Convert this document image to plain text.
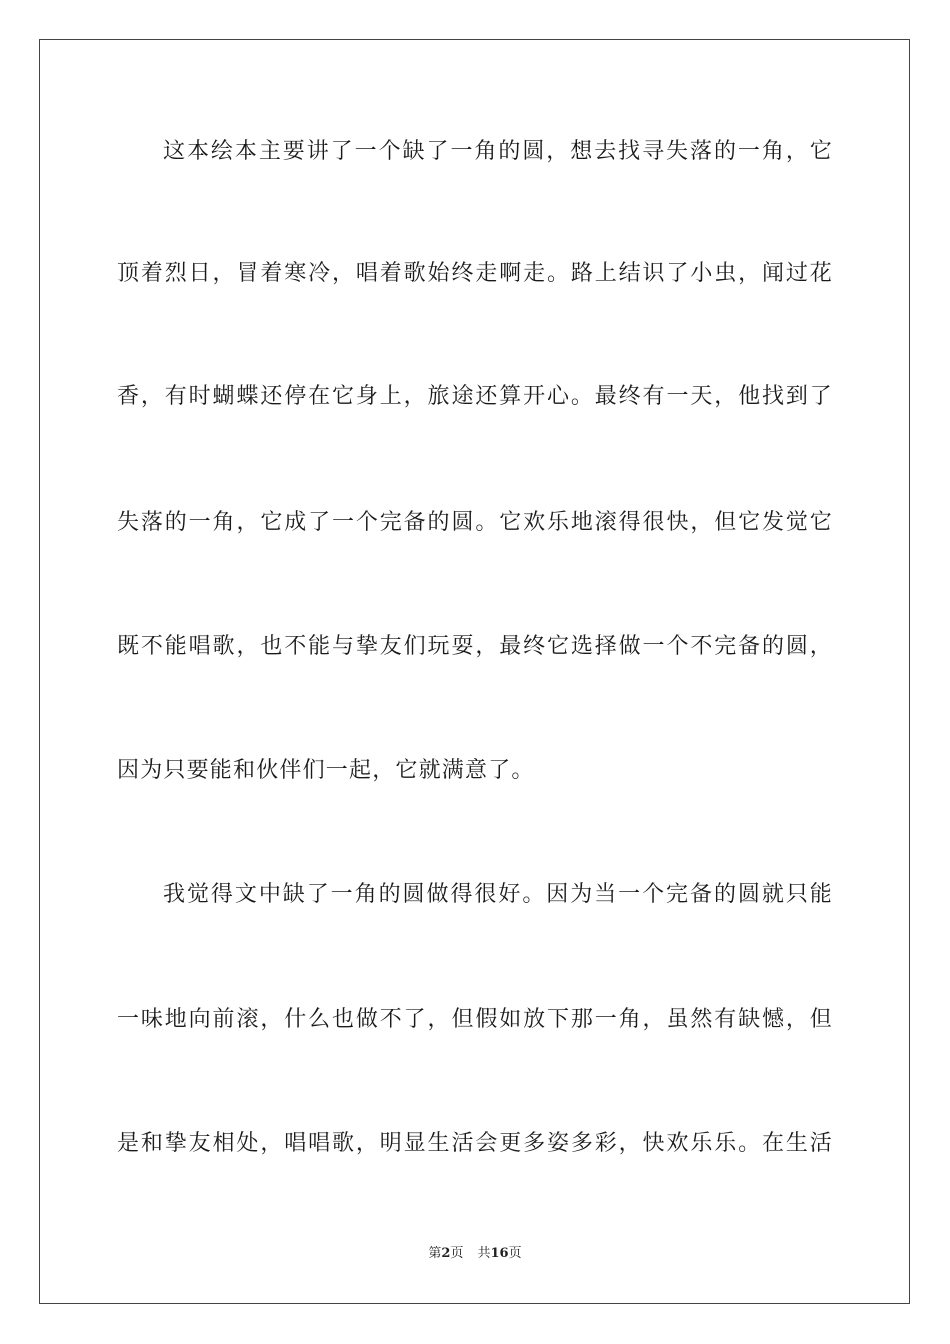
这本绘本主要讲了一个缺了一角的圆，想去找寻失落的一角，它
顶着烈日，冒着寒冷，唱着歌始终走啊走。路上结识了小虫，闻过花
香，有时蝴蝶还停在它身上，旅途还算开心。最终有一天，他找到了
失落的一角，它成了一个完备的圆。它欢乐地滚得很快，但它发觉它
既不能唱歌，也不能与挚友们玩耍，最终它选择做一个不完备的圆，
因为只要能和伙伴们一起，它就满意了。
我觉得文中缺了一角的圆做得很好。因为当一个完备的圆就只能
一味地向前滚，什么也做不了，但假如放下那一角，虽然有缺憾，但
是和挚友相处，唱唱歌，明显生活会更多姿多彩，快欢乐乐。在生活
第2页 共16页
